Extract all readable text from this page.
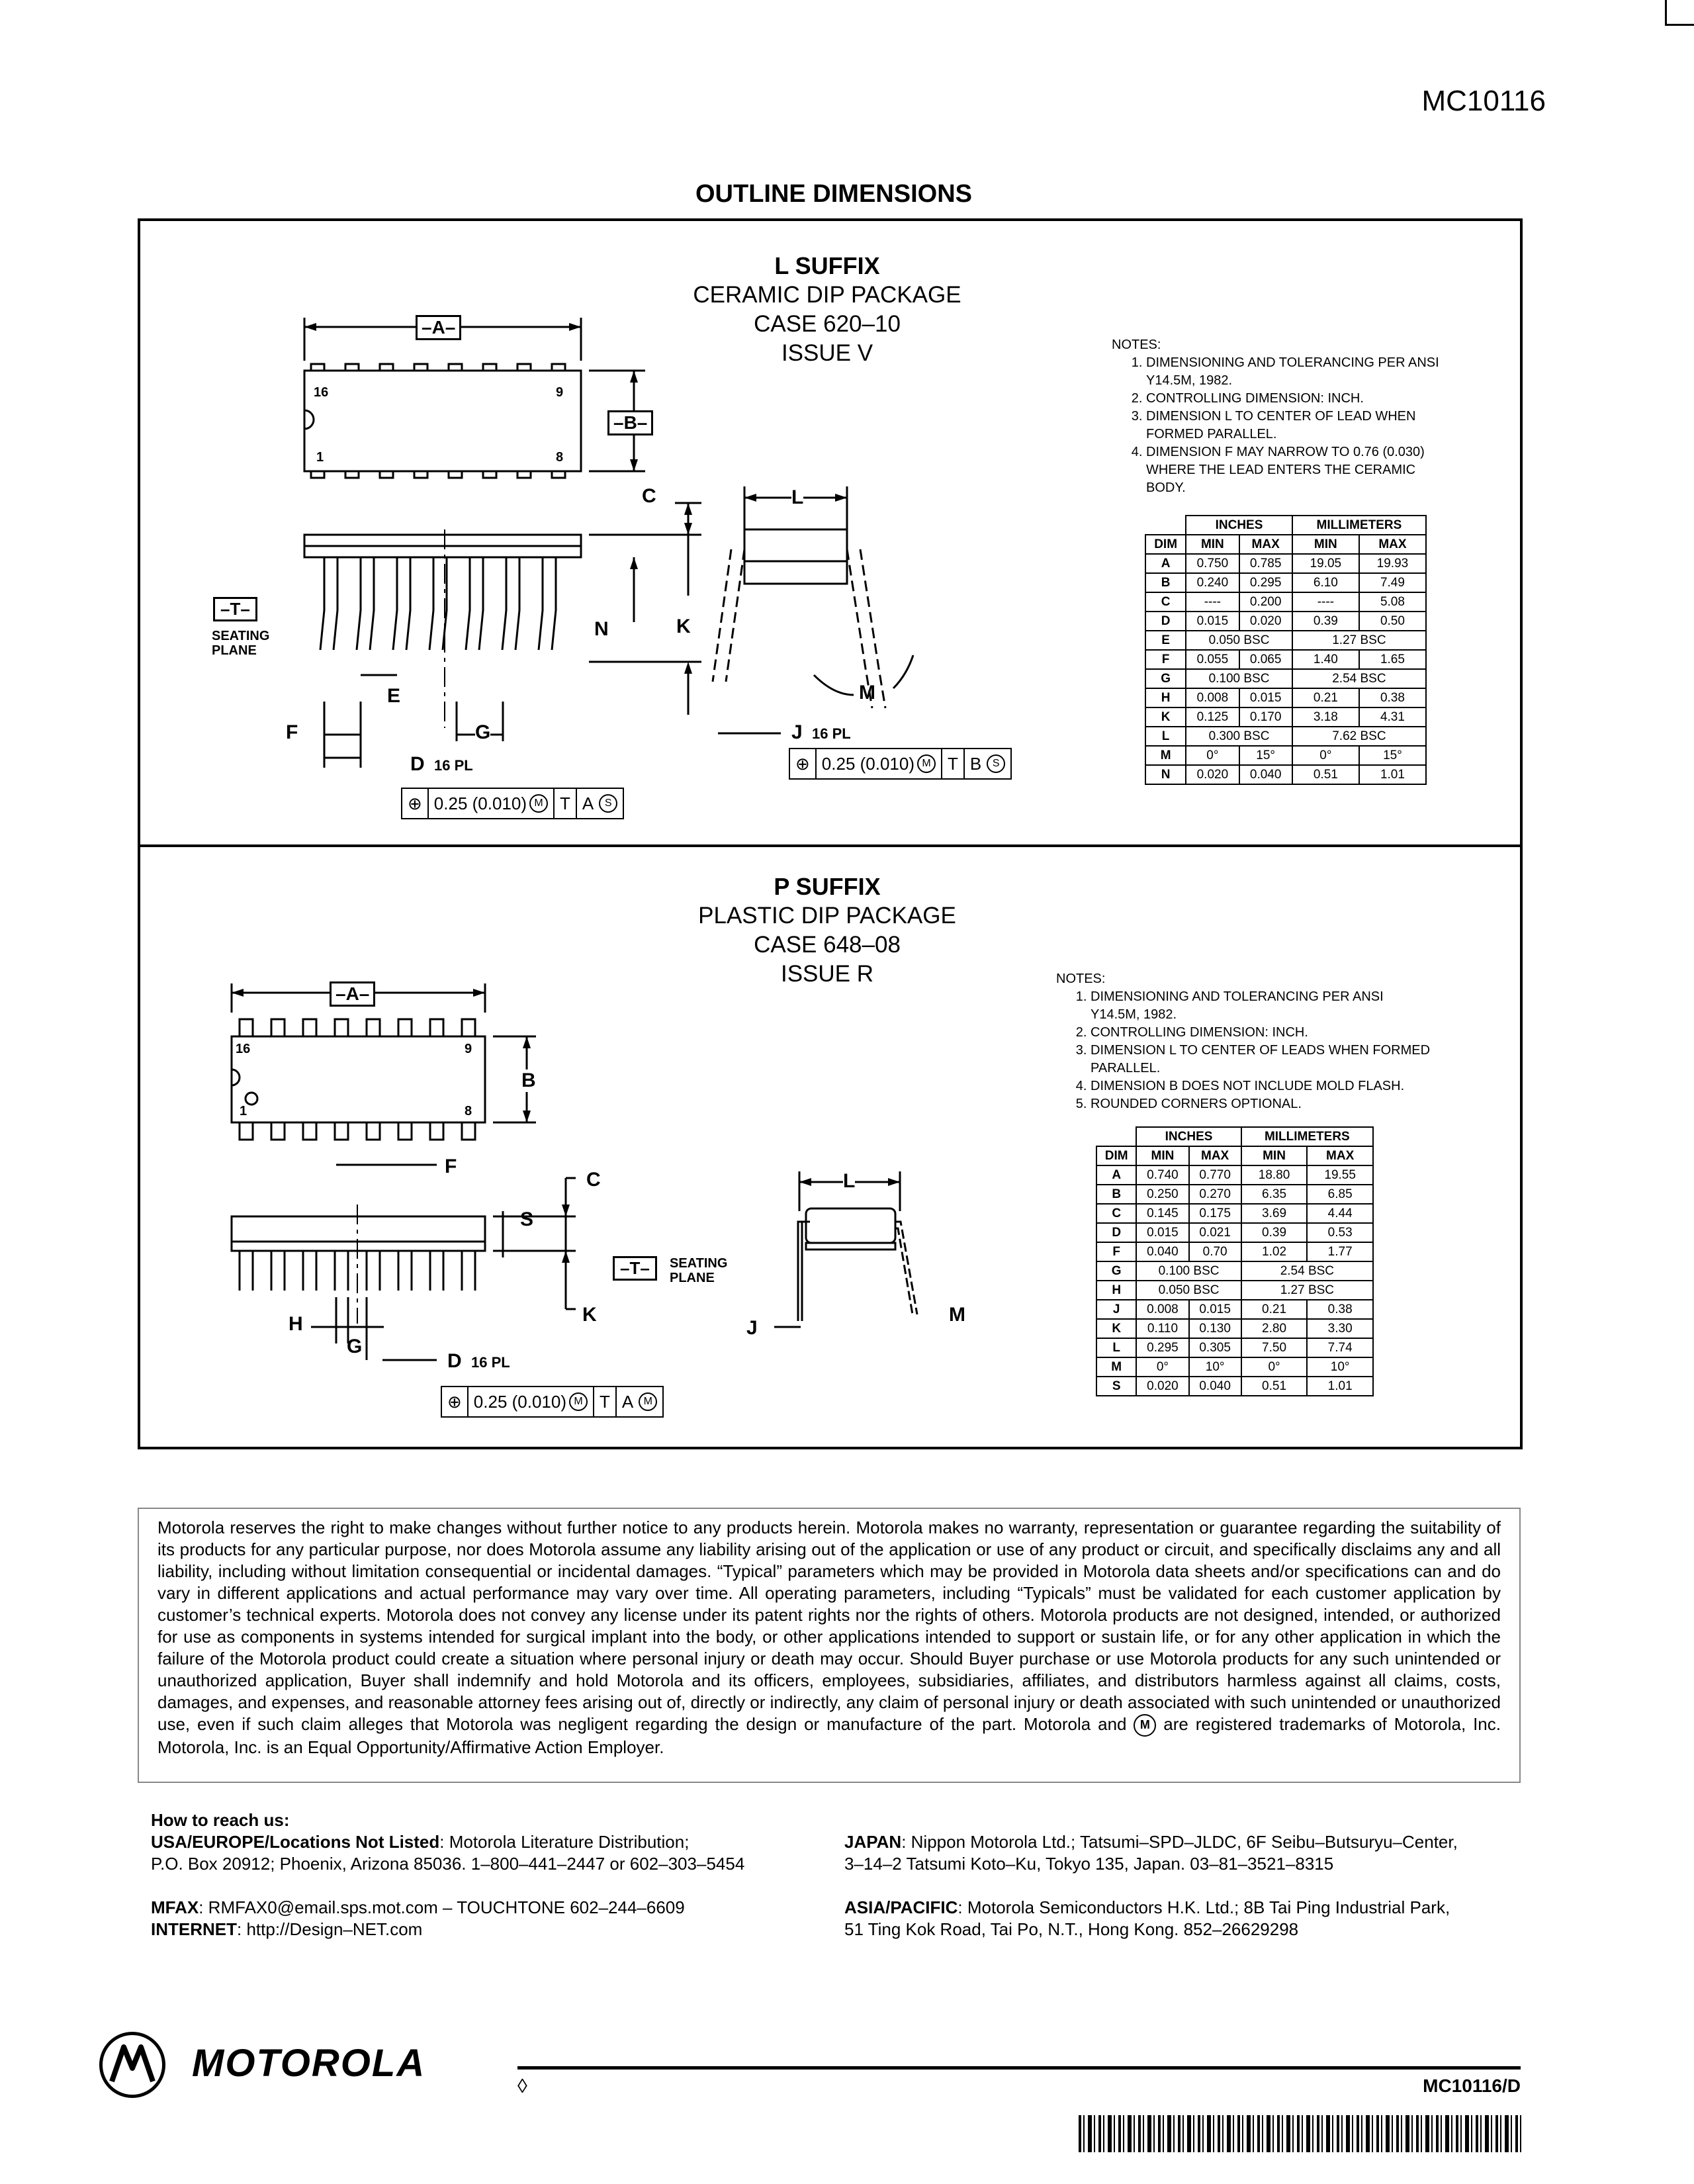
MC10116
OUTLINE DIMENSIONS
L SUFFIX
CERAMIC DIP PACKAGE
CASE 620–10
ISSUE V
–A–
–B–
16	9
1	8
–T–
SEATING
PLANE
C	L
N	K
E
F	G
D 16 PL
J 16 PL
M
⊕ 0.25 (0.010) M T A	S
⊕ 0.25 (0.010) M T B	S
NOTES:
1. DIMENSIONING AND TOLERANCING PER ANSI Y14.5M, 1982.
2. CONTROLLING DIMENSION: INCH.
3. DIMENSION L TO CENTER OF LEAD WHEN FORMED PARALLEL.
4. DIMENSION F MAY NARROW TO 0.76 (0.030) WHERE THE LEAD ENTERS THE CERAMIC BODY.
	INCHES		MILLIMETERS	
DIM	MIN	MAX	MIN	MAX
A	0.750	0.785	19.05	19.93
B	0.240	0.295	6.10	7.49
C	----	0.200	----	5.08
D	0.015	0.020	0.39	0.50
E	0.050 BSC		1.27 BSC	
F	0.055	0.065	1.40	1.65
G	0.100 BSC		2.54 BSC	
H	0.008	0.015	0.21	0.38
K	0.125	0.170	3.18	4.31
L	0.300 BSC		7.62 BSC	
M	0°	15°	0°	15°
N	0.020	0.040	0.51	1.01
P SUFFIX
PLASTIC DIP PACKAGE
CASE 648–08
ISSUE R
–A–
B
16	9
1	8
F
C
S
–T–	SEATING
PLANE
K
H
G
D 16 PL
L
J
M
⊕ 0.25 (0.010) M T A M
NOTES:
1. DIMENSIONING AND TOLERANCING PER ANSI Y14.5M, 1982.
2. CONTROLLING DIMENSION: INCH.
3. DIMENSION L TO CENTER OF LEADS WHEN FORMED PARALLEL.
4. DIMENSION B DOES NOT INCLUDE MOLD FLASH.
5. ROUNDED CORNERS OPTIONAL.
	INCHES		MILLIMETERS	
DIM	MIN	MAX	MIN	MAX
A	0.740	0.770	18.80	19.55
B	0.250	0.270	6.35	6.85
C	0.145	0.175	3.69	4.44
D	0.015	0.021	0.39	0.53
F	0.040	0.70	1.02	1.77
G	0.100 BSC		2.54 BSC	
H	0.050 BSC		1.27 BSC	
J	0.008	0.015	0.21	0.38
K	0.110	0.130	2.80	3.30
L	0.295	0.305	7.50	7.74
M	0°	10°	0°	10°
S	0.020	0.040	0.51	1.01
Motorola reserves the right to make changes without further notice to any products herein. Motorola makes no warranty, representation or guarantee regarding the suitability of its products for any particular purpose, nor does Motorola assume any liability arising out of the application or use of any product or circuit, and specifically disclaims any and all liability, including without limitation consequential or incidental damages. “Typical” parameters which may be provided in Motorola data sheets and/or specifications can and do vary in different applications and actual performance may vary over time. All operating parameters, including “Typicals” must be validated for each customer application by customer’s technical experts. Motorola does not convey any license under its patent rights nor the rights of others. Motorola products are not designed, intended, or authorized for use as components in systems intended for surgical implant into the body, or other applications intended to support or sustain life, or for any other application in which the failure of the Motorola product could create a situation where personal injury or death may occur. Should Buyer purchase or use Motorola products for any such unintended or unauthorized application, Buyer shall indemnify and hold Motorola and its officers, employees, subsidiaries, affiliates, and distributors harmless against all claims, costs, damages, and expenses, and reasonable attorney fees arising out of, directly or indirectly, any claim of personal injury or death associated with such unintended or unauthorized use, even if such claim alleges that Motorola was negligent regarding the design or manufacture of the part. Motorola and M are registered trademarks of Motorola, Inc. Motorola, Inc. is an Equal Opportunity/Affirmative Action Employer.
How to reach us:
USA/EUROPE/Locations Not Listed: Motorola Literature Distribution;
P.O. Box 20912; Phoenix, Arizona 85036. 1–800–441–2447 or 602–303–5454
MFAX: RMFAX0@email.sps.mot.com – TOUCHTONE 602–244–6609
INTERNET: http://Design–NET.com
JAPAN: Nippon Motorola Ltd.; Tatsumi–SPD–JLDC, 6F Seibu–Butsuryu–Center,
3–14–2 Tatsumi Koto–Ku, Tokyo 135, Japan. 03–81–3521–8315
ASIA/PACIFIC: Motorola Semiconductors H.K. Ltd.; 8B Tai Ping Industrial Park,
51 Ting Kok Road, Tai Po, N.T., Hong Kong. 852–26629298
MOTOROLA
◊	MC10116/D
